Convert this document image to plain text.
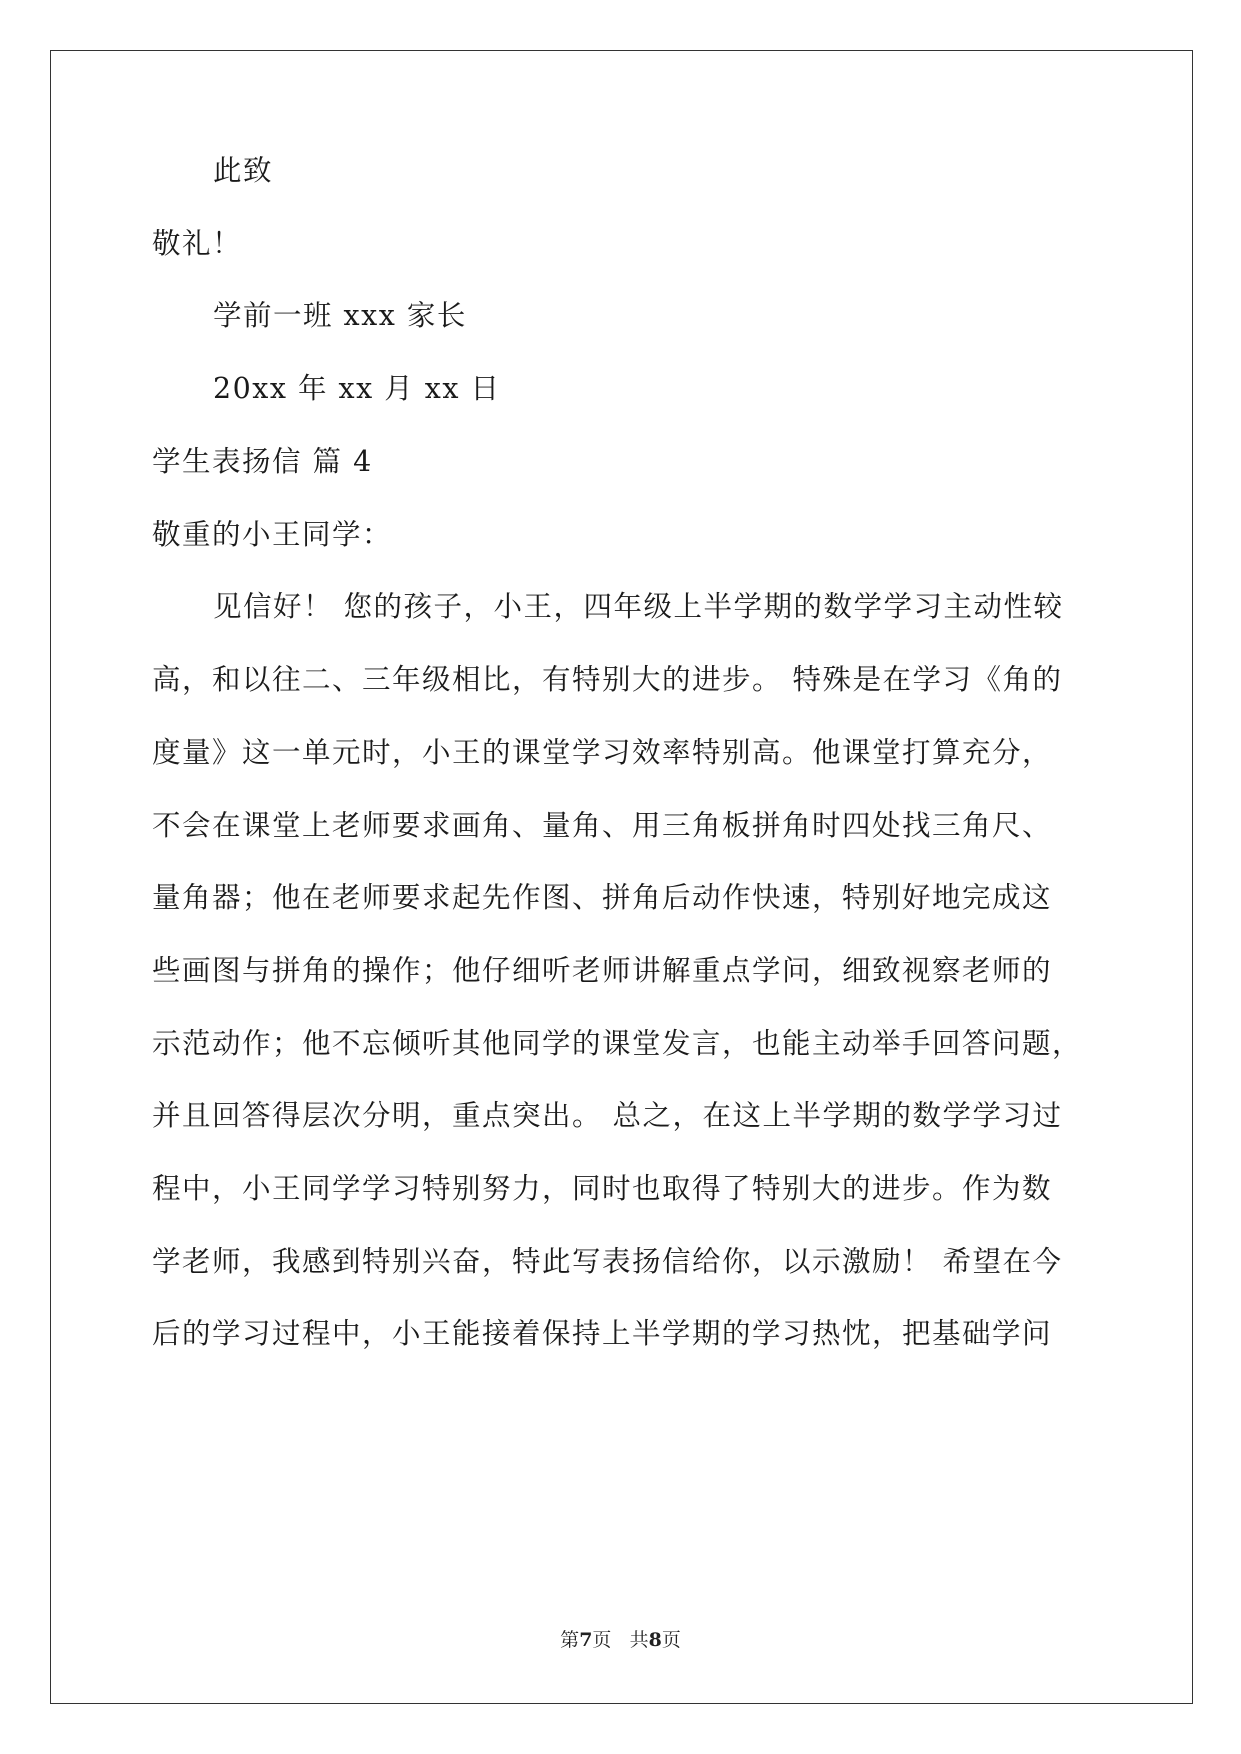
此致
敬礼！
学前一班 xxx 家长
20xx 年 xx 月 xx 日
学生表扬信 篇 4
敬重的小王同学：
见信好！ 您的孩子，小王，四年级上半学期的数学学习主动性较
高，和以往二、三年级相比，有特别大的进步。 特殊是在学习《角的
度量》这一单元时，小王的课堂学习效率特别高。他课堂打算充分，
不会在课堂上老师要求画角、量角、用三角板拼角时四处找三角尺、
量角器；他在老师要求起先作图、拼角后动作快速，特别好地完成这
些画图与拼角的操作；他仔细听老师讲解重点学问，细致视察老师的
示范动作；他不忘倾听其他同学的课堂发言，也能主动举手回答问题，
并且回答得层次分明，重点突出。 总之，在这上半学期的数学学习过
程中，小王同学学习特别努力，同时也取得了特别大的进步。作为数
学老师，我感到特别兴奋，特此写表扬信给你，以示激励！ 希望在今
后的学习过程中，小王能接着保持上半学期的学习热忱，把基础学问
第7页 共8页
